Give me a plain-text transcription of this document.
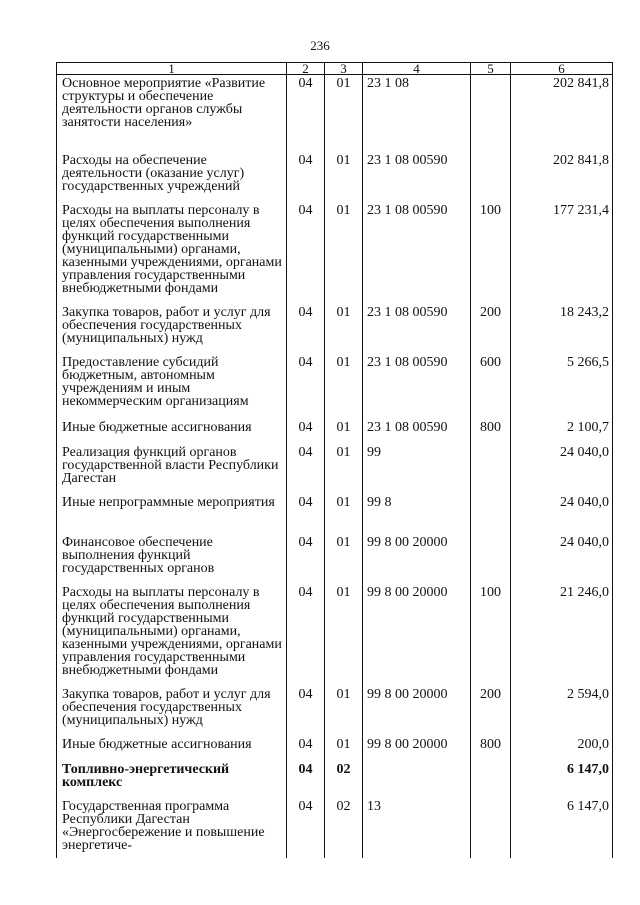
236
1	2	3	4	5	6
Основное мероприятие «Развитие структуры и обеспечение деятельности органов службы занятости населения»	04	01	23 1 08		202 841,8
Расходы на обеспечение деятельности (оказание услуг) государственных учреждений	04	01	23 1 08 00590		202 841,8
Расходы на выплаты персоналу в целях обеспечения выполнения функций государственными (муниципальными) органами, казенными учреждениями, органами управления государственными внебюджетными фондами	04	01	23 1 08 00590	100	177 231,4
Закупка товаров, работ и услуг для обеспечения государственных (муниципальных) нужд	04	01	23 1 08 00590	200	18 243,2
Предоставление субсидий бюджетным, автономным учреждениям и иным некоммерческим организациям	04	01	23 1 08 00590	600	5 266,5
Иные бюджетные ассигнования	04	01	23 1 08 00590	800	2 100,7
Реализация функций органов государственной власти Республики Дагестан	04	01	99		24 040,0
Иные непрограммные мероприятия	04	01	99 8		24 040,0
Финансовое обеспечение выполнения функций государственных органов	04	01	99 8 00 20000		24 040,0
Расходы на выплаты персоналу в целях обеспечения выполнения функций государственными (муниципальными) органами, казенными учреждениями, органами управления государственными внебюджетными фондами	04	01	99 8 00 20000	100	21 246,0
Закупка товаров, работ и услуг для обеспечения государственных (муниципальных) нужд	04	01	99 8 00 20000	200	2 594,0
Иные бюджетные ассигнования	04	01	99 8 00 20000	800	200,0
Топливно-энергетический комплекс	04	02			6 147,0
Государственная программа Республики Дагестан «Энергосбережение и повышение энергетиче-	04	02	13		6 147,0
